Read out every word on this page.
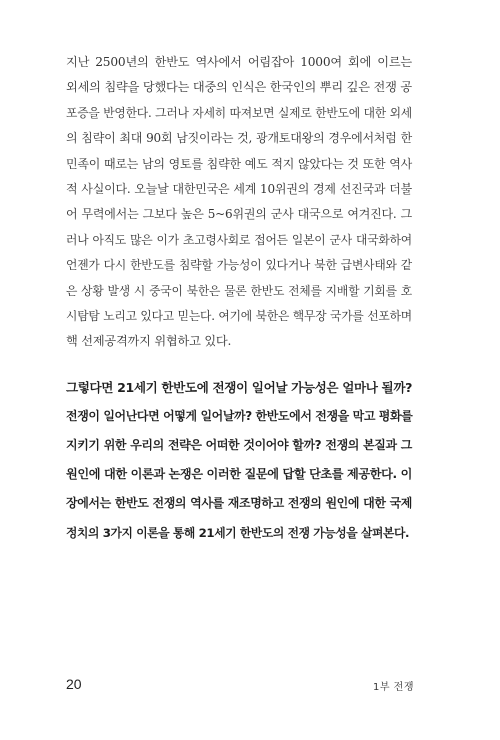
지난 2500년의 한반도 역사에서 어림잡아 1000여 회에 이르는
외세의 침략을 당했다는 대중의 인식은 한국인의 뿌리 깊은 전쟁 공
포증을 반영한다. 그러나 자세히 따져보면 실제로 한반도에 대한 외세
의 침략이 최대 90회 남짓이라는 것, 광개토대왕의 경우에서처럼 한
민족이 때로는 남의 영토를 침략한 예도 적지 않았다는 것 또한 역사
적 사실이다. 오늘날 대한민국은 세계 10위권의 경제 선진국과 더불
어 무력에서는 그보다 높은 5~6위권의 군사 대국으로 여겨진다. 그
러나 아직도 많은 이가 초고령사회로 접어든 일본이 군사 대국화하여
언젠가 다시 한반도를 침략할 가능성이 있다거나 북한 급변사태와 같
은 상황 발생 시 중국이 북한은 물론 한반도 전체를 지배할 기회를 호
시탐탐 노리고 있다고 믿는다. 여기에 북한은 핵무장 국가를 선포하며
핵 선제공격까지 위협하고 있다.
그렇다면 21세기 한반도에 전쟁이 일어날 가능성은 얼마나 될까?
전쟁이 일어난다면 어떻게 일어날까? 한반도에서 전쟁을 막고 평화를
지키기 위한 우리의 전략은 어떠한 것이어야 할까? 전쟁의 본질과 그
원인에 대한 이론과 논쟁은 이러한 질문에 답할 단초를 제공한다. 이
장에서는 한반도 전쟁의 역사를 재조명하고 전쟁의 원인에 대한 국제
정치의 3가지 이론을 통해 21세기 한반도의 전쟁 가능성을 살펴본다.
20	1부 전쟁
